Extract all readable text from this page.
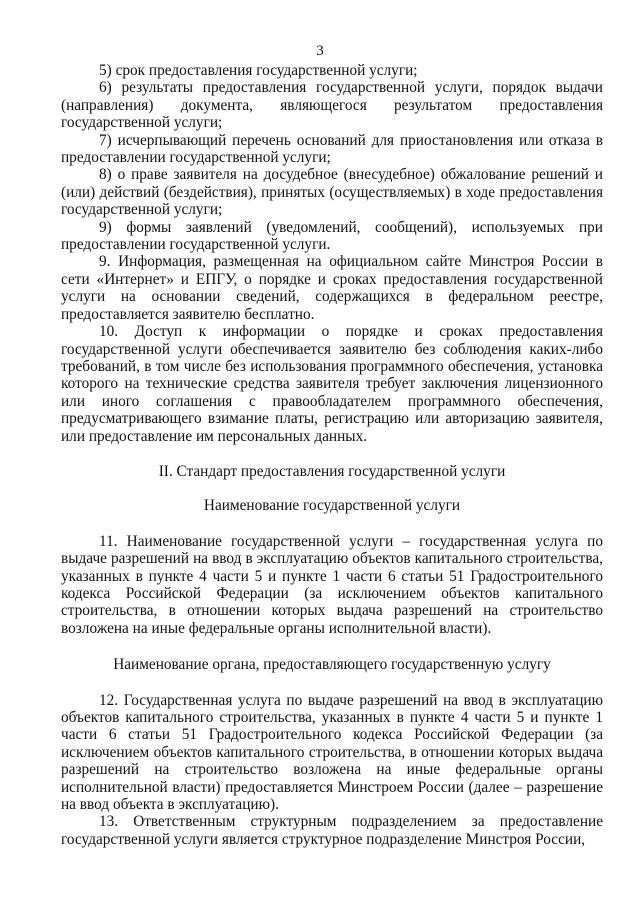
3

5) срок предоставления государственной услуги;

6) результаты предоставления государственной услуги, порядок выдачи (направления) документа, являющегося результатом предоставления государственной услуги;

7) исчерпывающий перечень оснований для приостановления или отказа в предоставлении государственной услуги;

8) о праве заявителя на досудебное (внесудебное) обжалование решений и (или) действий (бездействия), принятых (осуществляемых) в ходе предоставления государственной услуги;

9) формы заявлений (уведомлений, сообщений), используемых при предоставлении государственной услуги.

9. Информация, размещенная на официальном сайте Минстроя России в сети «Интернет» и ЕПГУ, о порядке и сроках предоставления государственной услуги на основании сведений, содержащихся в федеральном реестре, предоставляется заявителю бесплатно.

10. Доступ к информации о порядке и сроках предоставления государственной услуги обеспечивается заявителю без соблюдения каких-либо требований, в том числе без использования программного обеспечения, установка которого на технические средства заявителя требует заключения лицензионного или иного соглашения с правообладателем программного обеспечения, предусматривающего взимание платы, регистрацию или авторизацию заявителя, или предоставление им персональных данных.

II. Стандарт предоставления государственной услуги

Наименование государственной услуги

11. Наименование государственной услуги – государственная услуга по выдаче разрешений на ввод в эксплуатацию объектов капитального строительства, указанных в пункте 4 части 5 и пункте 1 части 6 статьи 51 Градостроительного кодекса Российской Федерации (за исключением объектов капитального строительства, в отношении которых выдача разрешений на строительство возложена на иные федеральные органы исполнительной власти).

Наименование органа, предоставляющего государственную услугу

12. Государственная услуга по выдаче разрешений на ввод в эксплуатацию объектов капитального строительства, указанных в пункте 4 части 5 и пункте 1 части 6 статьи 51 Градостроительного кодекса Российской Федерации (за исключением объектов капитального строительства, в отношении которых выдача разрешений на строительство возложена на иные федеральные органы исполнительной власти) предоставляется Минстроем России (далее – разрешение на ввод объекта в эксплуатацию).

13. Ответственным структурным подразделением за предоставление государственной услуги является структурное подразделение Минстроя России,
